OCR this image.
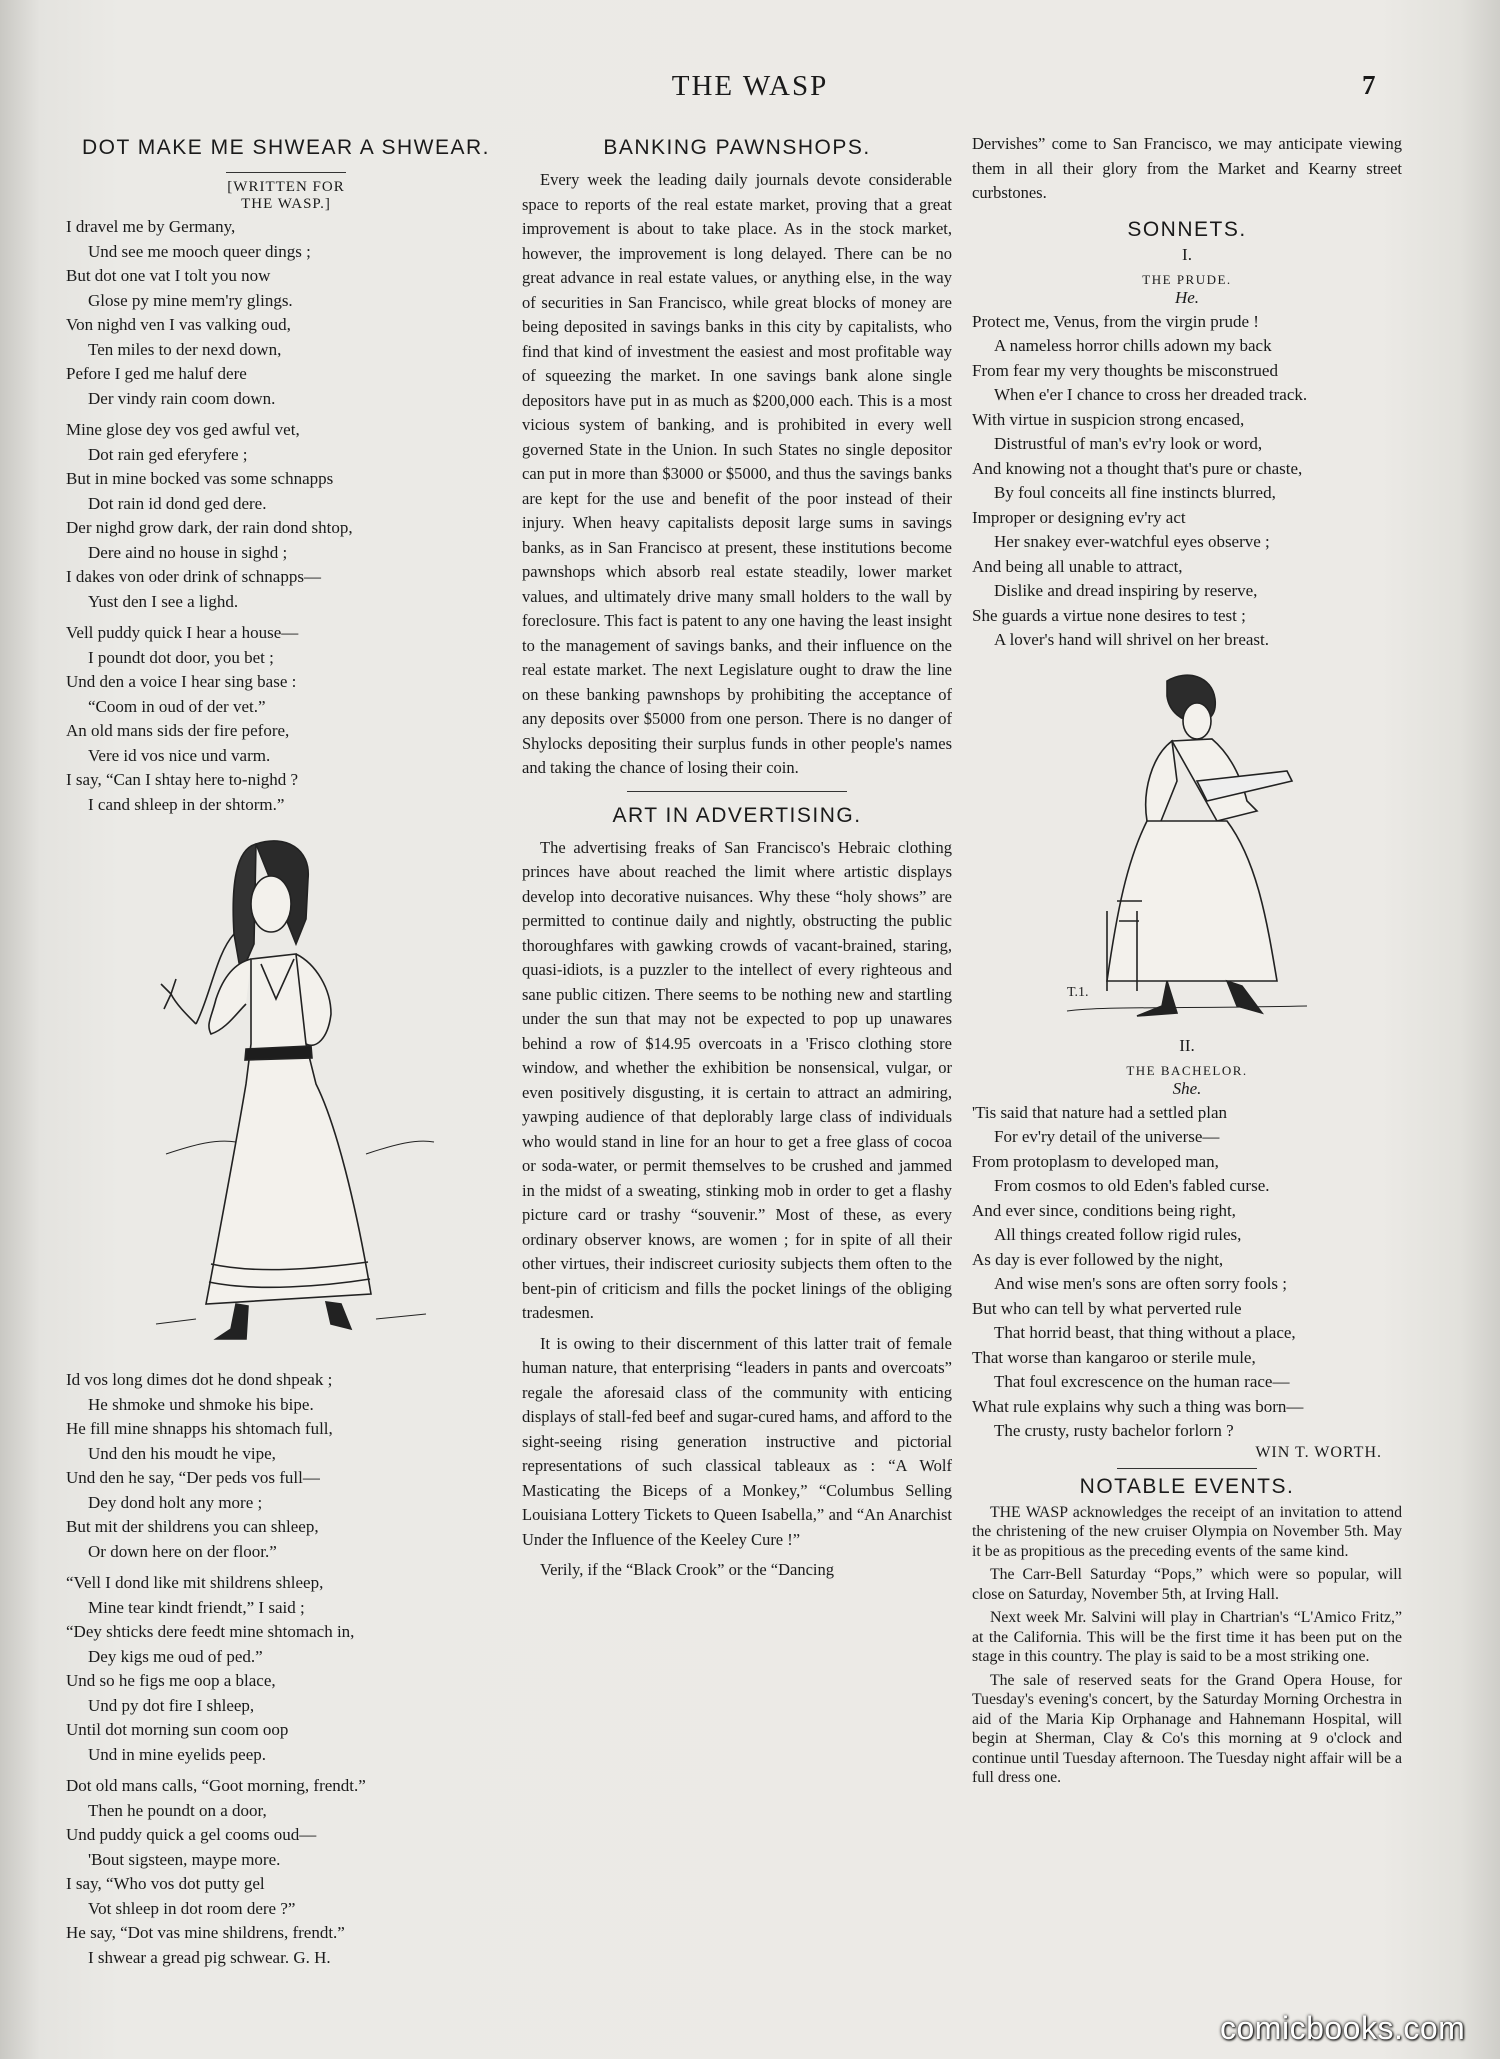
THE WASP	7
DOT MAKE ME SHWEAR A SHWEAR.
[WRITTEN FOR THE WASP.]

I dravel me by Germany,

Und see me mooch queer dings ;

But dot one vat I tolt you now

Glose py mine mem'ry glings.

Von nighd ven I vas valking oud,

Ten miles to der nexd down,

Pefore I ged me haluf dere

Der vindy rain coom down.

Mine glose dey vos ged awful vet,

Dot rain ged eferyfere ;

But in mine bocked vas some schnapps

Dot rain id dond ged dere.

Der nighd grow dark, der rain dond shtop,

Dere aind no house in sighd ;

I dakes von oder drink of schnapps—

Yust den I see a lighd.

Vell puddy quick I hear a house—

I poundt dot door, you bet ;

Und den a voice I hear sing base :

“Coom in oud of der vet.”

An old mans sids der fire pefore,

Vere id vos nice und varm.

I say, “Can I shtay here to-nighd ?

I cand shleep in der shtorm.”

Id vos long dimes dot he dond shpeak ;

He shmoke und shmoke his bipe.

He fill mine shnapps his shtomach full,

Und den his moudt he vipe,

Und den he say, “Der peds vos full—

Dey dond holt any more ;

But mit der shildrens you can shleep,

Or down here on der floor.”

“Vell I dond like mit shildrens shleep,

Mine tear kindt friendt,” I said ;

“Dey shticks dere feedt mine shtomach in,

Dey kigs me oud of ped.”

Und so he figs me oop a blace,

Und py dot fire I shleep,

Until dot morning sun coom oop

Und in mine eyelids peep.

Dot old mans calls, “Goot morning, frendt.”

Then he poundt on a door,

Und puddy quick a gel cooms oud—

'Bout sigsteen, maype more.

I say, “Who vos dot putty gel

Vot shleep in dot room dere ?”

He say, “Dot vas mine shildrens, frendt.”

I shwear a gread pig schwear. G. H.

BANKING PAWNSHOPS.

Every week the leading daily journals devote considerable space to reports of the real estate market, proving that a great improvement is about to take place. As in the stock market, however, the improvement is long delayed. There can be no great advance in real estate values, or anything else, in the way of securities in San Francisco, while great blocks of money are being deposited in savings banks in this city by capitalists, who find that kind of investment the easiest and most profitable way of squeezing the market. In one savings bank alone single depositors have put in as much as $200,000 each. This is a most vicious system of banking, and is prohibited in every well governed State in the Union. In such States no single depositor can put in more than $3000 or $5000, and thus the savings banks are kept for the use and benefit of the poor instead of their injury. When heavy capitalists deposit large sums in savings banks, as in San Francisco at present, these institutions become pawnshops which absorb real estate steadily, lower market values, and ultimately drive many small holders to the wall by foreclosure. This fact is patent to any one having the least insight to the management of savings banks, and their influence on the real estate market. The next Legislature ought to draw the line on these banking pawnshops by prohibiting the acceptance of any deposits over $5000 from one person. There is no danger of Shylocks depositing their surplus funds in other people's names and taking the chance of losing their coin.

ART IN ADVERTISING.

The advertising freaks of San Francisco's Hebraic clothing princes have about reached the limit where artistic displays develop into decorative nuisances. Why these “holy shows” are permitted to continue daily and nightly, obstructing the public thoroughfares with gawking crowds of vacant-brained, staring, quasi-idiots, is a puzzler to the intellect of every righteous and sane public citizen. There seems to be nothing new and startling under the sun that may not be expected to pop up unawares behind a row of $14.95 overcoats in a 'Frisco clothing store window, and whether the exhibition be nonsensical, vulgar, or even positively disgusting, it is certain to attract an admiring, yawping audience of that deplorably large class of individuals who would stand in line for an hour to get a free glass of cocoa or soda-water, or permit themselves to be crushed and jammed in the midst of a sweating, stinking mob in order to get a flashy picture card or trashy “souvenir.” Most of these, as every ordinary observer knows, are women ; for in spite of all their other virtues, their indiscreet curiosity subjects them often to the bent-pin of criticism and fills the pocket linings of the obliging tradesmen.

It is owing to their discernment of this latter trait of female human nature, that enterprising “leaders in pants and overcoats” regale the aforesaid class of the community with enticing displays of stall-fed beef and sugar-cured hams, and afford to the sight-seeing rising generation instructive and pictorial representations of such classical tableaux as : “A Wolf Masticating the Biceps of a Monkey,” “Columbus Selling Louisiana Lottery Tickets to Queen Isabella,” and “An Anarchist Under the Influence of the Keeley Cure !”

Verily, if the “Black Crook” or the “Dancing

Dervishes” come to San Francisco, we may anticipate viewing them in all their glory from the Market and Kearny street curbstones.

SONNETS.
I.
THE PRUDE.
He.

Protect me, Venus, from the virgin prude !

A nameless horror chills adown my back

From fear my very thoughts be misconstrued

When e'er I chance to cross her dreaded track.

With virtue in suspicion strong encased,

Distrustful of man's ev'ry look or word,

And knowing not a thought that's pure or chaste,

By foul conceits all fine instincts blurred,

Improper or designing ev'ry act

Her snakey ever-watchful eyes observe ;

And being all unable to attract,

Dislike and dread inspiring by reserve,

She guards a virtue none desires to test ;

A lover's hand will shrivel on her breast.

T.1.
II.
THE BACHELOR.
She.

'Tis said that nature had a settled plan

For ev'ry detail of the universe—

From protoplasm to developed man,

From cosmos to old Eden's fabled curse.

And ever since, conditions being right,

All things created follow rigid rules,

As day is ever followed by the night,

And wise men's sons are often sorry fools ;

But who can tell by what perverted rule

That horrid beast, that thing without a place,

That worse than kangaroo or sterile mule,

That foul excrescence on the human race—

What rule explains why such a thing was born—

The crusty, rusty bachelor forlorn ?

WIN T. WORTH.
NOTABLE EVENTS.

THE WASP acknowledges the receipt of an invitation to attend the christening of the new cruiser Olympia on November 5th. May it be as propitious as the preceding events of the same kind.

The Carr-Bell Saturday “Pops,” which were so popular, will close on Saturday, November 5th, at Irving Hall.

Next week Mr. Salvini will play in Chartrian's “L'Amico Fritz,” at the California. This will be the first time it has been put on the stage in this country. The play is said to be a most striking one.

The sale of reserved seats for the Grand Opera House, for Tuesday's evening's concert, by the Saturday Morning Orchestra in aid of the Maria Kip Orphanage and Hahnemann Hospital, will begin at Sherman, Clay & Co's this morning at 9 o'clock and continue until Tuesday afternoon. The Tuesday night affair will be a full dress one.

comicbooks.com
